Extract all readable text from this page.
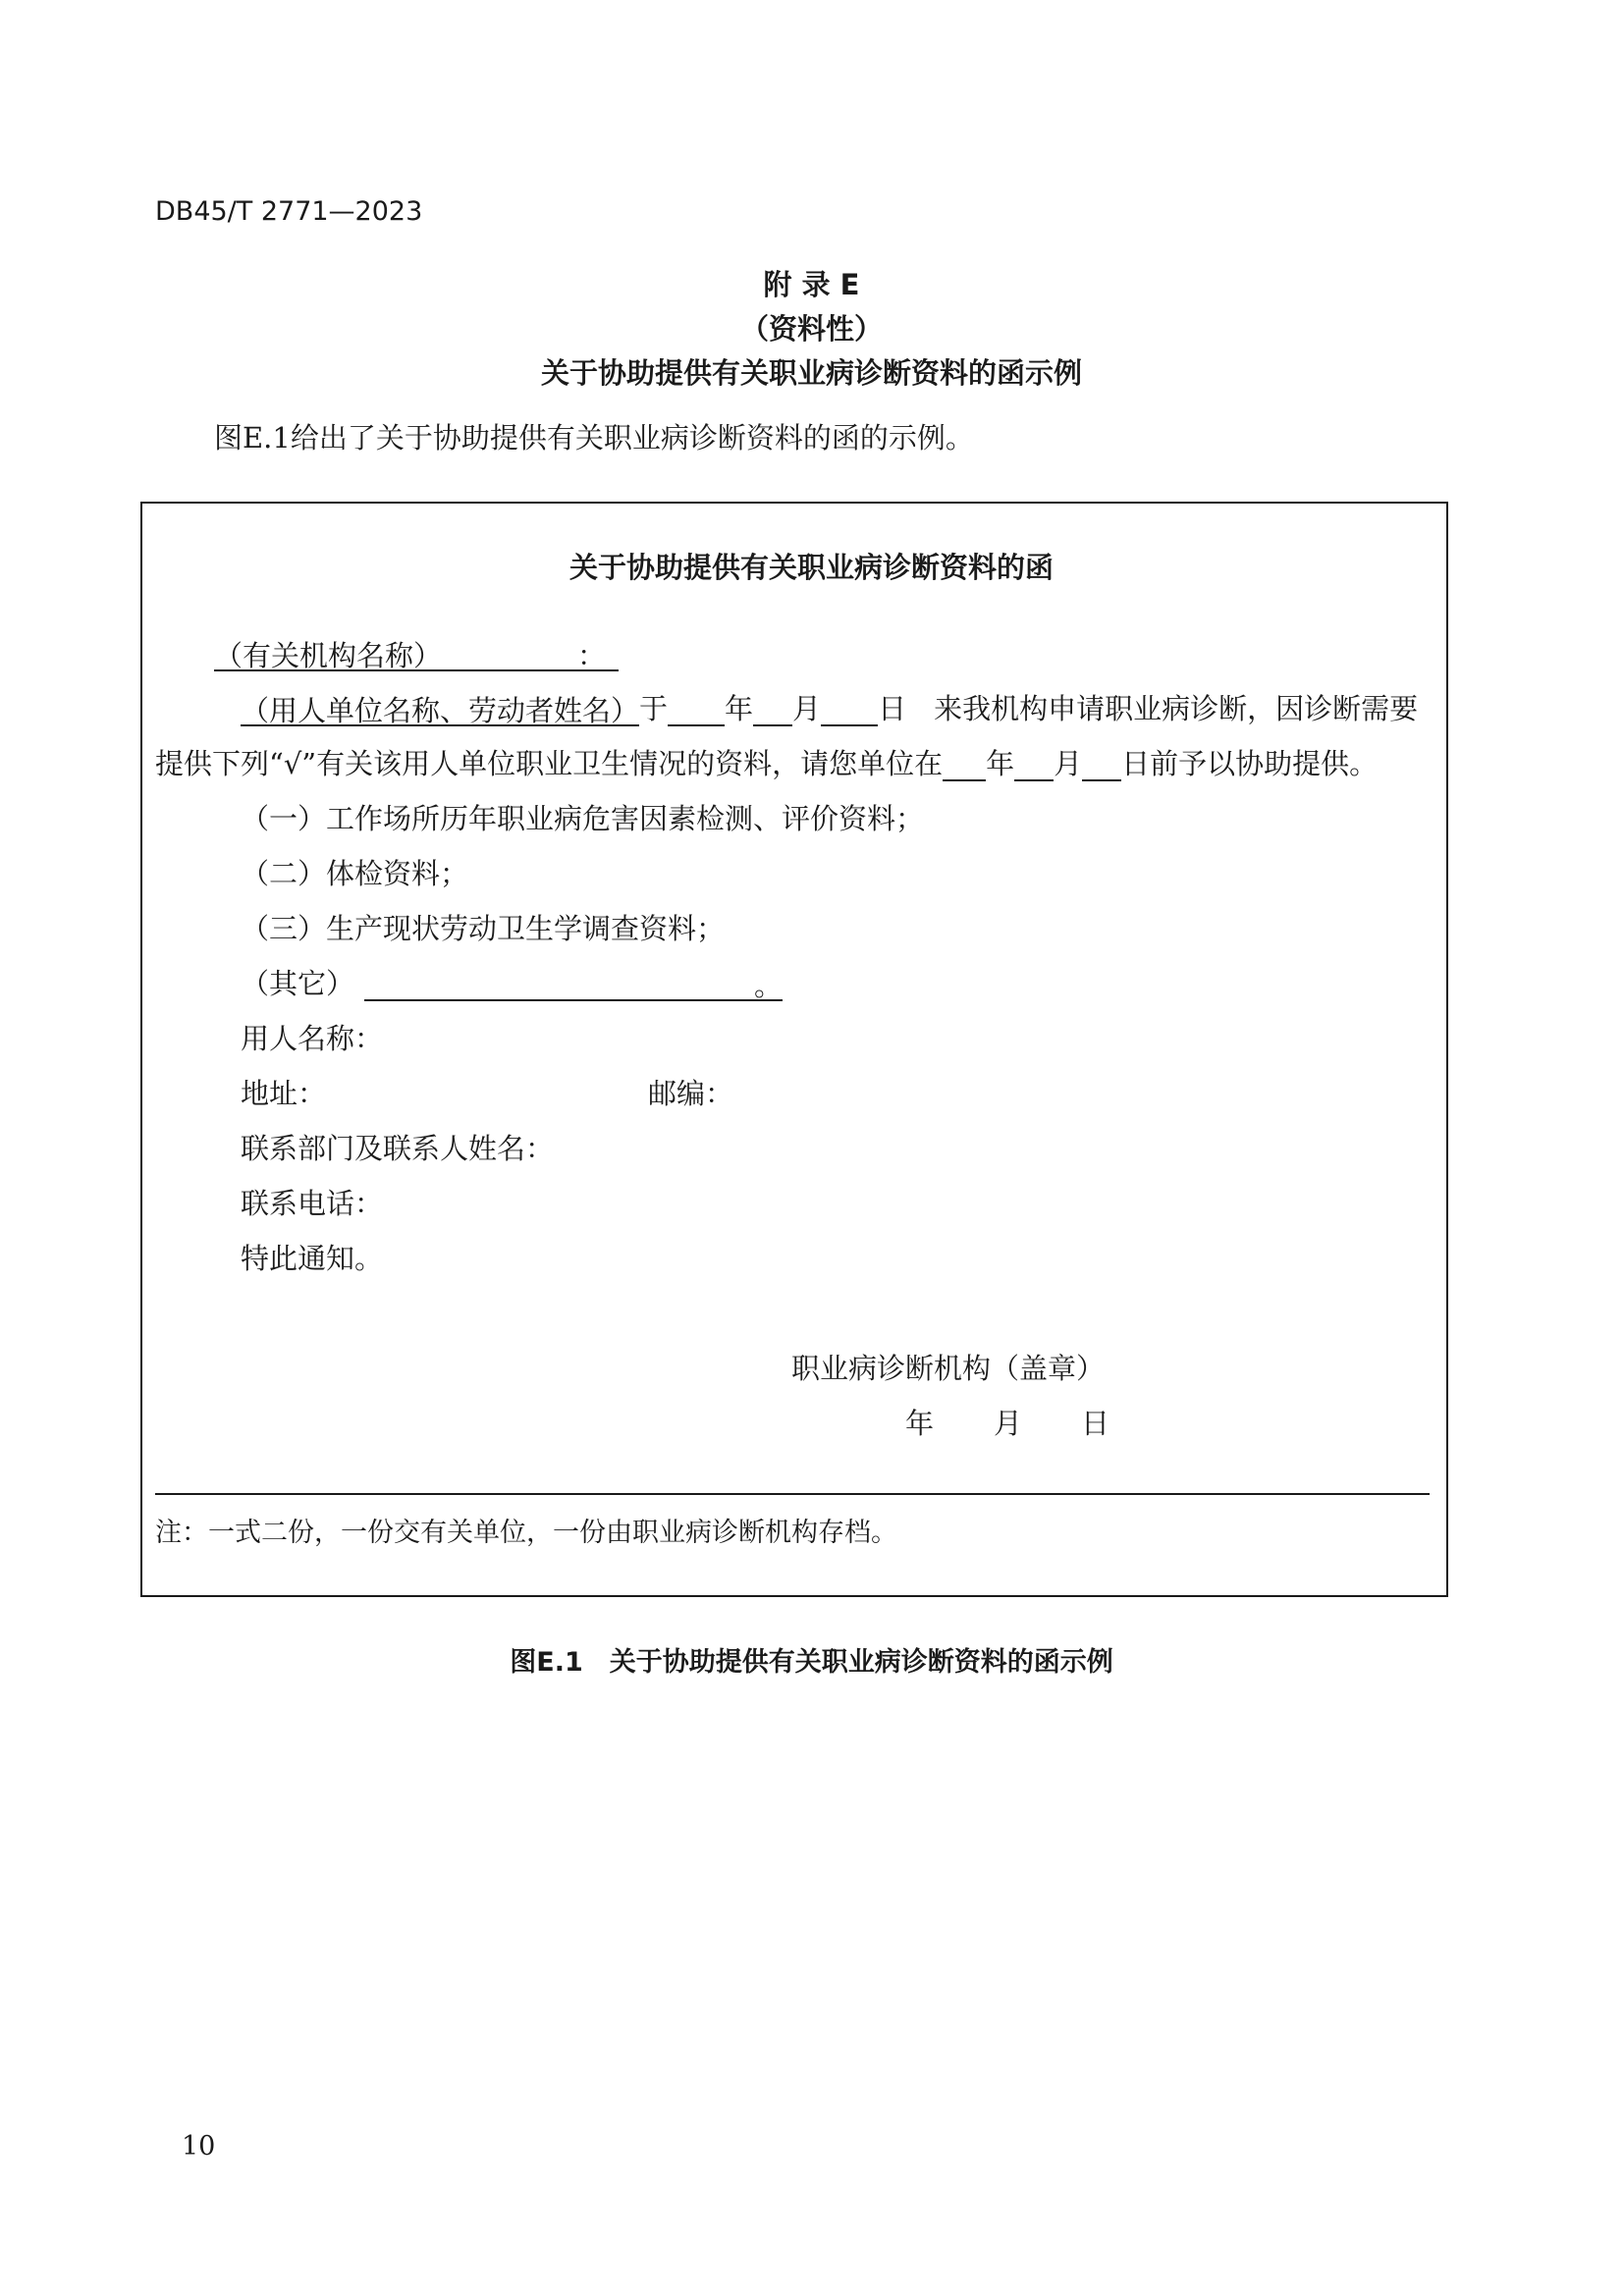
DB45/T 2771—2023
附 录 E
（资料性）
关于协助提供有关职业病诊断资料的函示例
图E.1给出了关于协助提供有关职业病诊断资料的函的示例。
关于协助提供有关职业病诊断资料的函
（有关机构名称）	：
（用人单位名称、劳动者姓名）于 年 月 日 来我机构申请职业病诊断，因诊断需要
提供下列“√”有关该用人单位职业卫生情况的资料，请您单位在 年 月 日前予以协助提供。
（一）工作场所历年职业病危害因素检测、评价资料；
（二）体检资料；
（三）生产现状劳动卫生学调查资料；
（其它）	。
用人名称：
地址：	邮编：
联系部门及联系人姓名：
联系电话：
特此通知。
职业病诊断机构（盖章）
年 月 日
注：一式二份，一份交有关单位，一份由职业病诊断机构存档。
图E.1　关于协助提供有关职业病诊断资料的函示例
10
